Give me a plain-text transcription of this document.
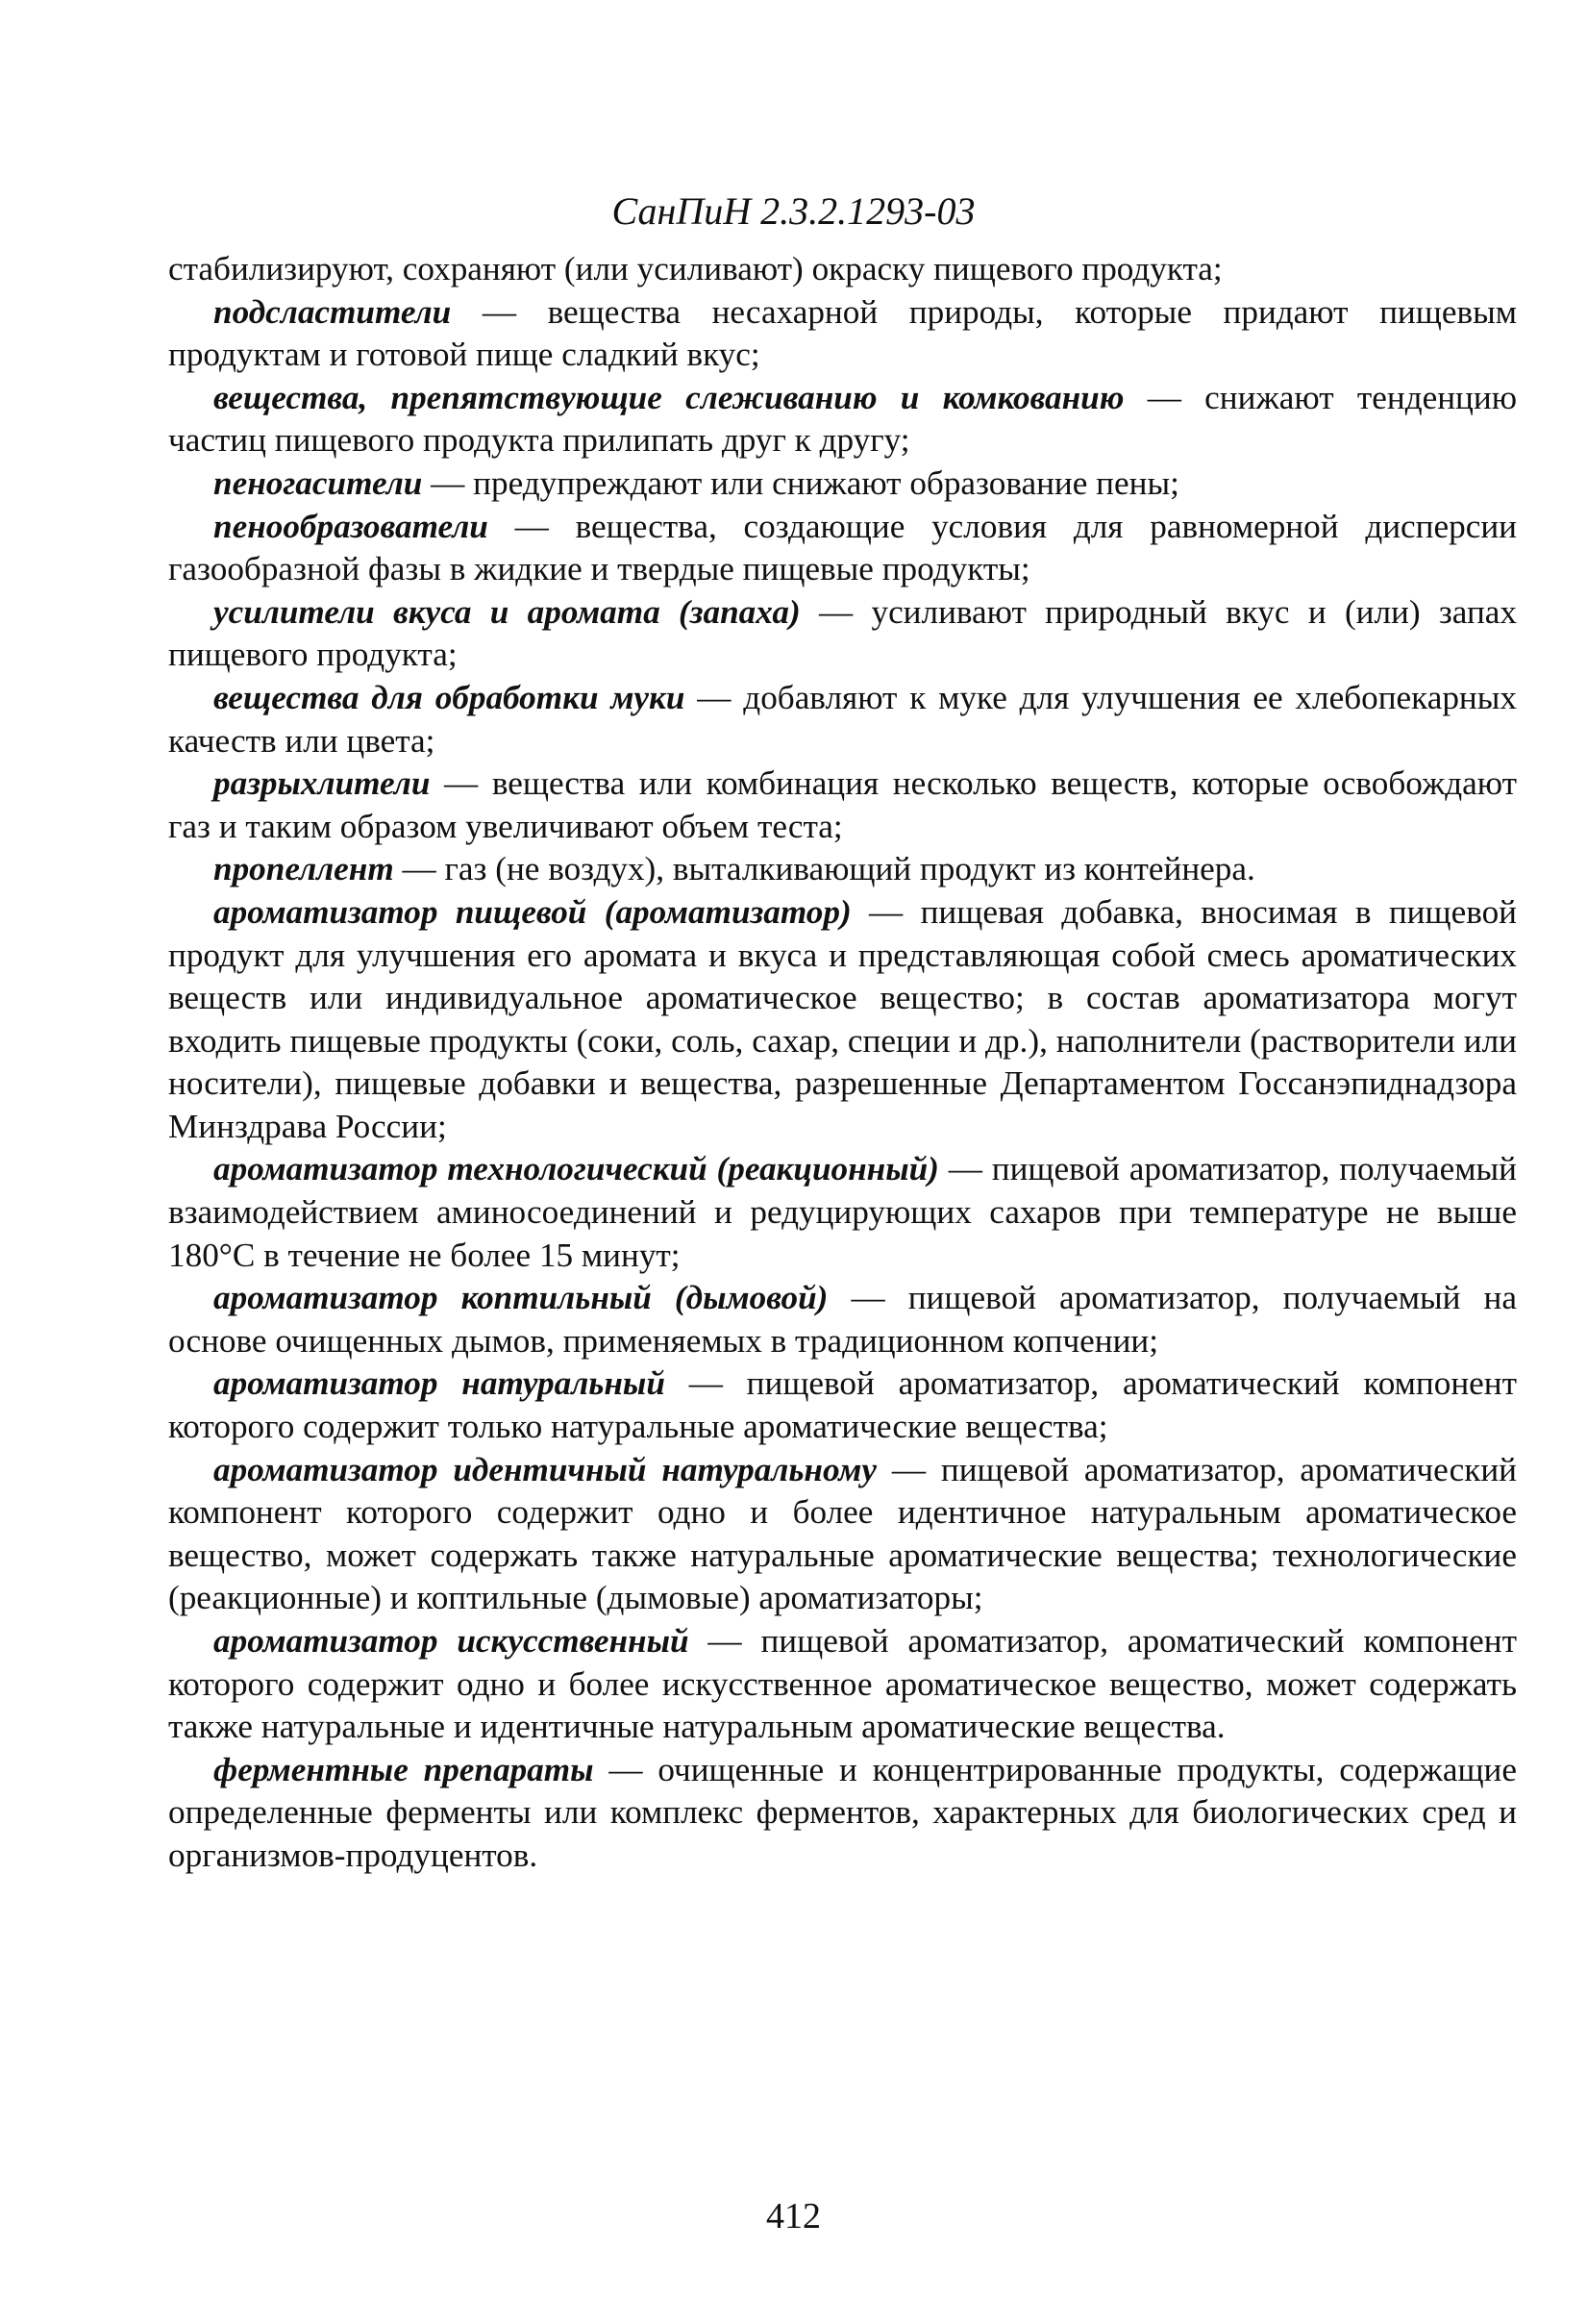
СанПиН 2.3.2.1293-03

стабилизируют, сохраняют (или усиливают) окраску пищевого продукта;

подсластители — вещества несахарной природы, которые придают пищевым продуктам и готовой пище сладкий вкус;

вещества, препятствующие слеживанию и комкованию — снижают тенденцию частиц пищевого продукта прилипать друг к другу;

пеногасители — предупреждают или снижают образование пены;

пенообразователи — вещества, создающие условия для равномерной дисперсии газообразной фазы в жидкие и твердые пищевые продукты;

усилители вкуса и аромата (запаха) — усиливают природный вкус и (или) запах пищевого продукта;

вещества для обработки муки — добавляют к муке для улучшения ее хлебопекарных качеств или цвета;

разрыхлители — вещества или комбинация несколько веществ, которые освобождают газ и таким образом увеличивают объем теста;

пропеллент — газ (не воздух), выталкивающий продукт из контейнера.

ароматизатор пищевой (ароматизатор) — пищевая добавка, вносимая в пищевой продукт для улучшения его аромата и вкуса и представляющая собой смесь ароматических веществ или индивидуальное ароматическое вещество; в состав ароматизатора могут входить пищевые продукты (соки, соль, сахар, специи и др.), наполнители (растворители или носители), пищевые добавки и вещества, разрешенные Департаментом Госсанэпиднадзора Минздрава России;

ароматизатор технологический (реакционный) — пищевой ароматизатор, получаемый взаимодействием аминосоединений и редуцирующих сахаров при температуре не выше 180°С в течение не более 15 минут;

ароматизатор коптильный (дымовой) — пищевой ароматизатор, получаемый на основе очищенных дымов, применяемых в традиционном копчении;

ароматизатор натуральный — пищевой ароматизатор, ароматический компонент которого содержит только натуральные ароматические вещества;

ароматизатор идентичный натуральному — пищевой ароматизатор, ароматический компонент которого содержит одно и более идентичное натуральным ароматическое вещество, может содержать также натуральные ароматические вещества; технологические (реакционные) и коптильные (дымовые) ароматизаторы;

ароматизатор искусственный — пищевой ароматизатор, ароматический компонент которого содержит одно и более искусственное ароматическое вещество, может содержать также натуральные и идентичные натуральным ароматические вещества.

ферментные препараты — очищенные и концентрированные продукты, содержащие определенные ферменты или комплекс ферментов, характерных для биологических сред и организмов-продуцентов.

412
